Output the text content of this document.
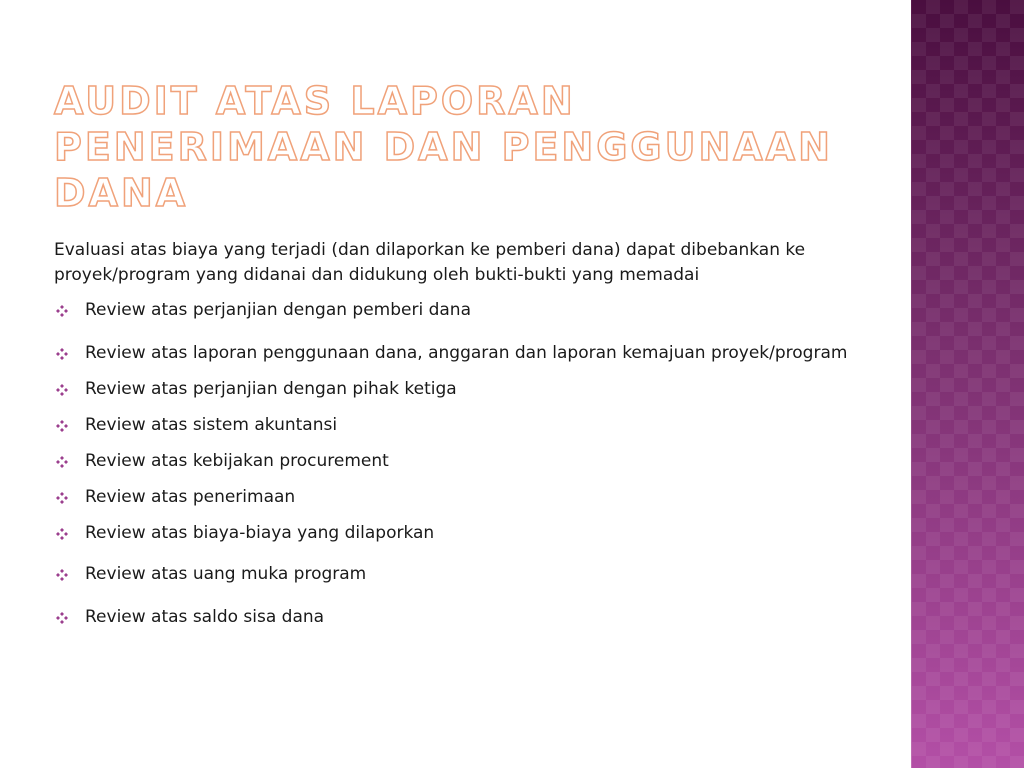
AUDIT ATAS LAPORAN PENERIMAAN DAN PENGGUNAAN DANA

Evaluasi atas biaya yang terjadi (dan dilaporkan ke pemberi dana) dapat dibebankan ke proyek/program yang didanai dan didukung oleh bukti-bukti yang memadai

Review atas perjanjian dengan pemberi dana
Review atas laporan penggunaan dana, anggaran dan laporan kemajuan proyek/program
Review atas perjanjian dengan pihak ketiga
Review atas sistem akuntansi
Review atas kebijakan procurement
Review atas penerimaan
Review atas biaya-biaya yang dilaporkan
Review atas uang muka program
Review atas saldo sisa dana
